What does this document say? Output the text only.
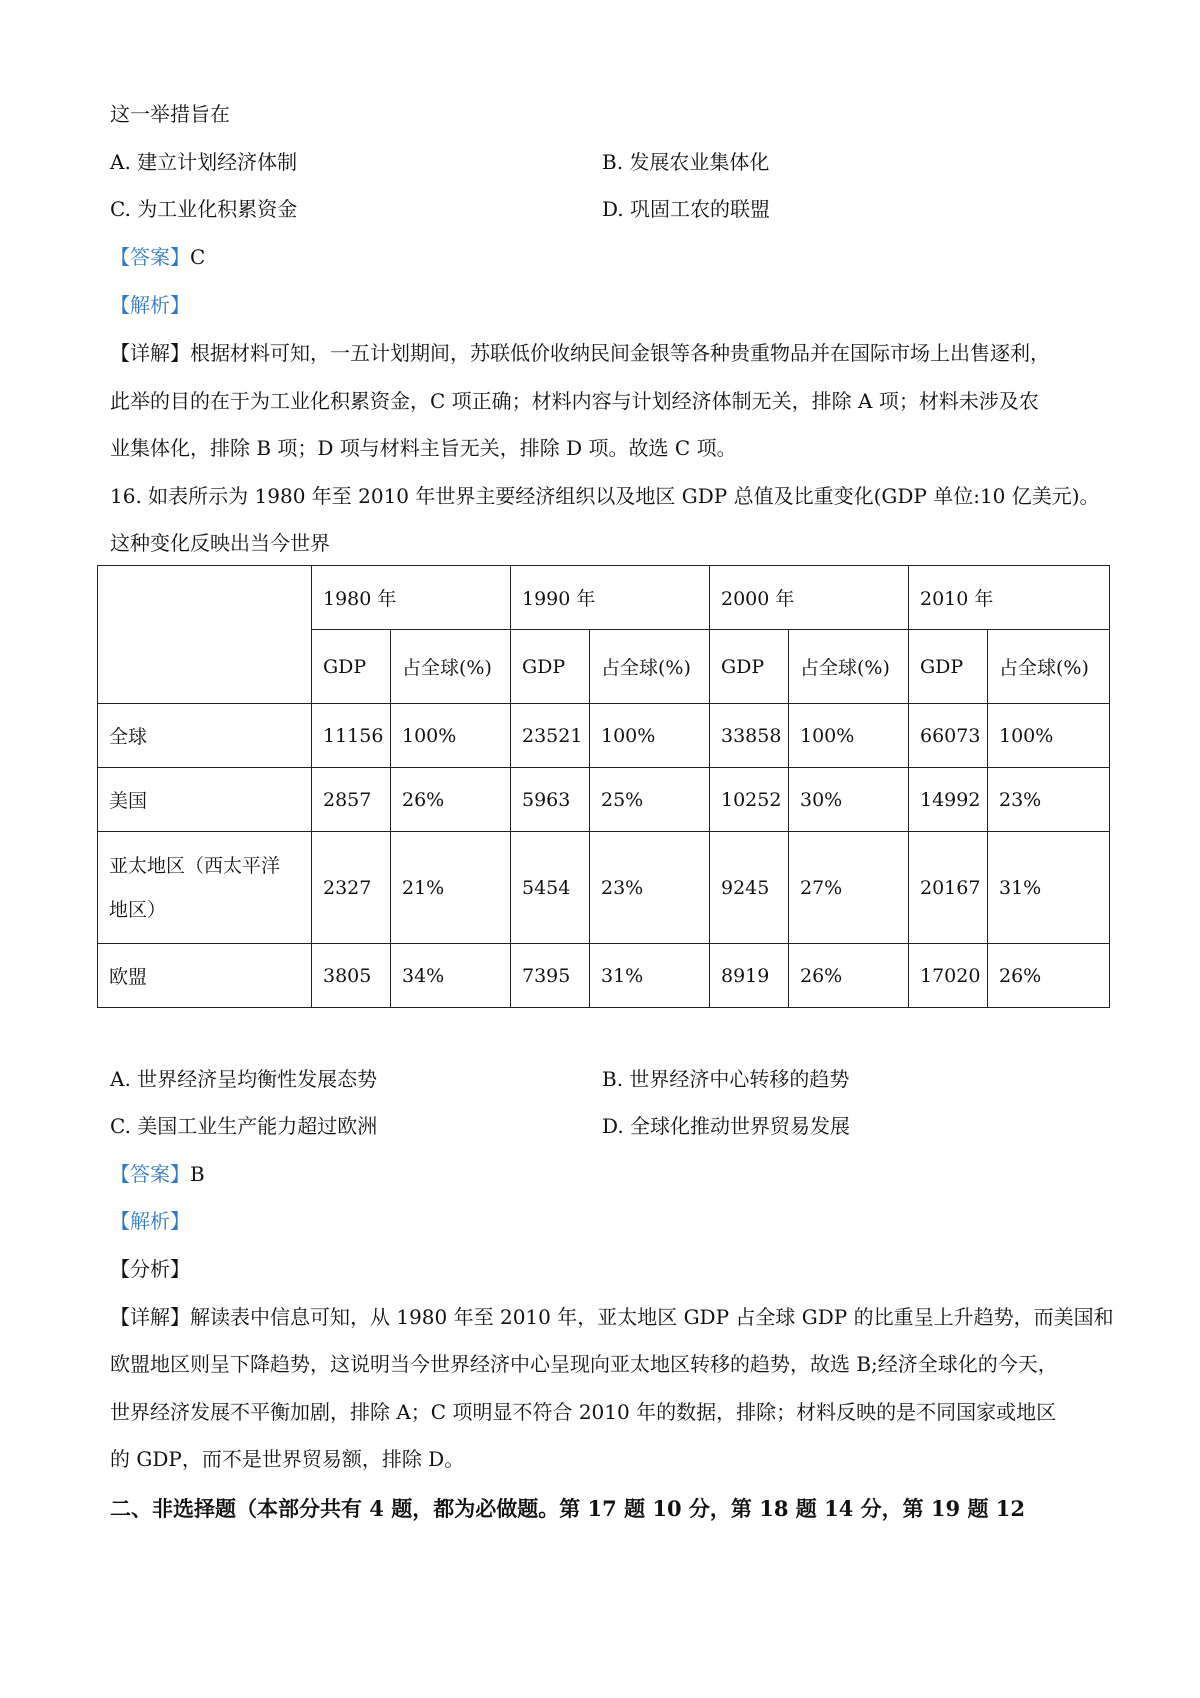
这一举措旨在
A. 建立计划经济体制	B. 发展农业集体化
C. 为工业化积累资金	D. 巩固工农的联盟
【答案】C
【解析】
【详解】根据材料可知，一五计划期间，苏联低价收纳民间金银等各种贵重物品并在国际市场上出售逐利，
此举的目的在于为工业化积累资金，C 项正确；材料内容与计划经济体制无关，排除 A 项；材料未涉及农
业集体化，排除 B 项；D 项与材料主旨无关，排除 D 项。故选 C 项。
16. 如表所示为 1980 年至 2010 年世界主要经济组织以及地区 GDP 总值及比重变化(GDP 单位:10 亿美元)。
这种变化反映出当今世界
	1980 年		1990 年		2000 年		2010 年	
	GDP	占全球(%)	GDP	占全球(%)	GDP	占全球(%)	GDP	占全球(%)
全球	11156	100%	23521	100%	33858	100%	66073	100%
美国	2857	26%	5963	25%	10252	30%	14992	23%
亚太地区（西太平洋
地区）	2327	21%	5454	23%	9245	27%	20167	31%
欧盟	3805	34%	7395	31%	8919	26%	17020	26%
A. 世界经济呈均衡性发展态势	B. 世界经济中心转移的趋势
C. 美国工业生产能力超过欧洲	D. 全球化推动世界贸易发展
【答案】B
【解析】
【分析】
【详解】解读表中信息可知，从 1980 年至 2010 年，亚太地区 GDP 占全球 GDP 的比重呈上升趋势，而美国和
欧盟地区则呈下降趋势，这说明当今世界经济中心呈现向亚太地区转移的趋势，故选 B;经济全球化的今天，
世界经济发展不平衡加剧，排除 A；C 项明显不符合 2010 年的数据，排除；材料反映的是不同国家或地区
的 GDP，而不是世界贸易额，排除 D。
二、非选择题（本部分共有 4 题，都为必做题。第 17 题 10 分，第 18 题 14 分，第 19 题 12
